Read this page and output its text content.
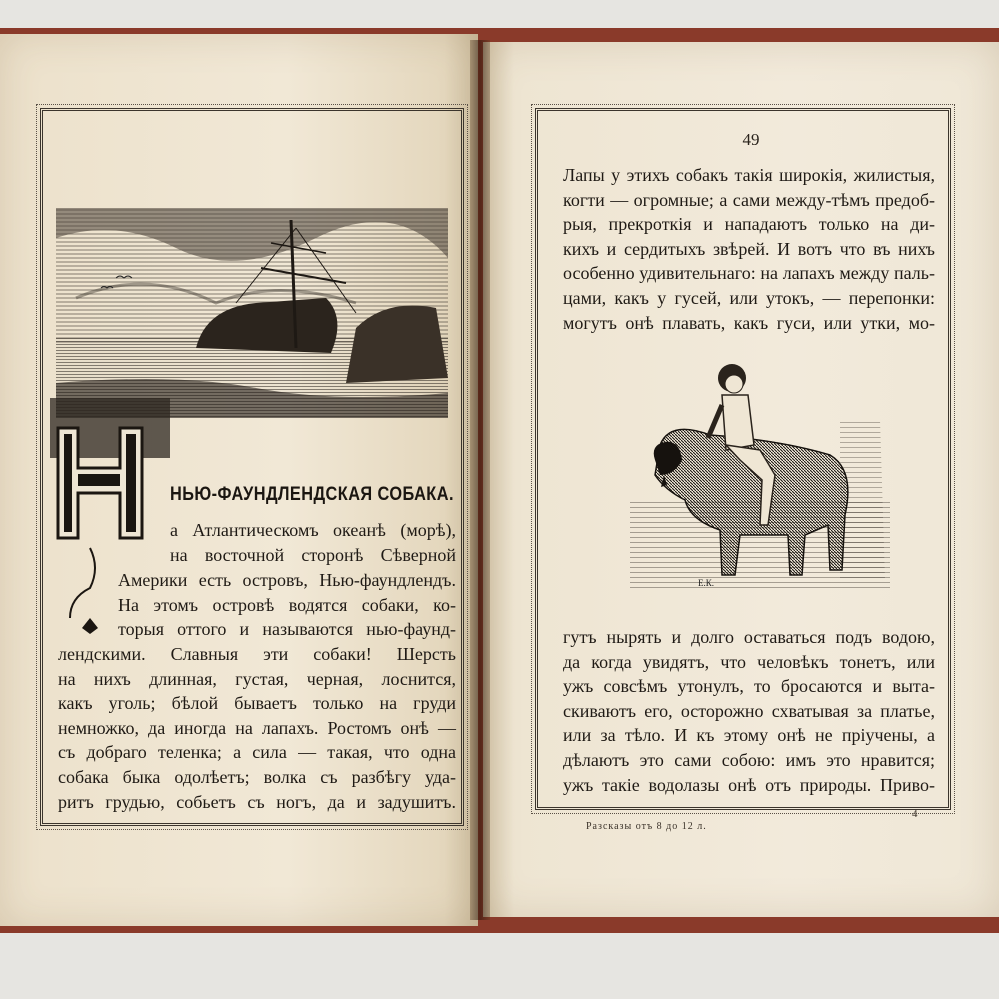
НЬЮ-ФАУНДЛЕНДСКАЯ СОБАКА.
а Атлантическомъ океанѣ (морѣ),
на восточной сторонѣ Сѣверной
Америки есть островъ, Нью-фаундлендъ.
На этомъ островѣ водятся собаки, ко-
торыя оттого и называются нью-фаунд-
лендскими. Славныя эти собаки! Шерсть
на нихъ длинная, густая, черная, лоснится,
какъ уголь; бѣлой бываетъ только на груди
немножко, да иногда на лапахъ. Ростомъ онѣ —
съ добраго теленка; а сила — такая, что одна
собака быка одолѣетъ; волка съ разбѣгу уда-
ритъ грудью, собьетъ съ ногъ, да и задушитъ.
49
Лапы у этихъ собакъ такія широкія, жилистыя,
когти — огромные; а сами между-тѣмъ предоб-
рыя, прекроткія и нападаютъ только на ди-
кихъ и сердитыхъ звѣрей. И вотъ что въ нихъ
особенно удивительнаго: на лапахъ между паль-
цами, какъ у гусей, или утокъ, — перепонки:
могутъ онѣ плавать, какъ гуси, или утки, мо-
Е.К.
гутъ нырять и долго оставаться подъ водою,
да когда увидятъ, что человѣкъ тонетъ, или
ужъ совсѣмъ утонулъ, то бросаются и выта-
скиваютъ его, осторожно схватывая за платье,
или за тѣло. И къ этому онѣ не пріучены, а
дѣлаютъ это сами собою: имъ это нравится;
ужъ такіе водолазы онѣ отъ природы. Приво-
Разсказы отъ 8 до 12 л.
4
